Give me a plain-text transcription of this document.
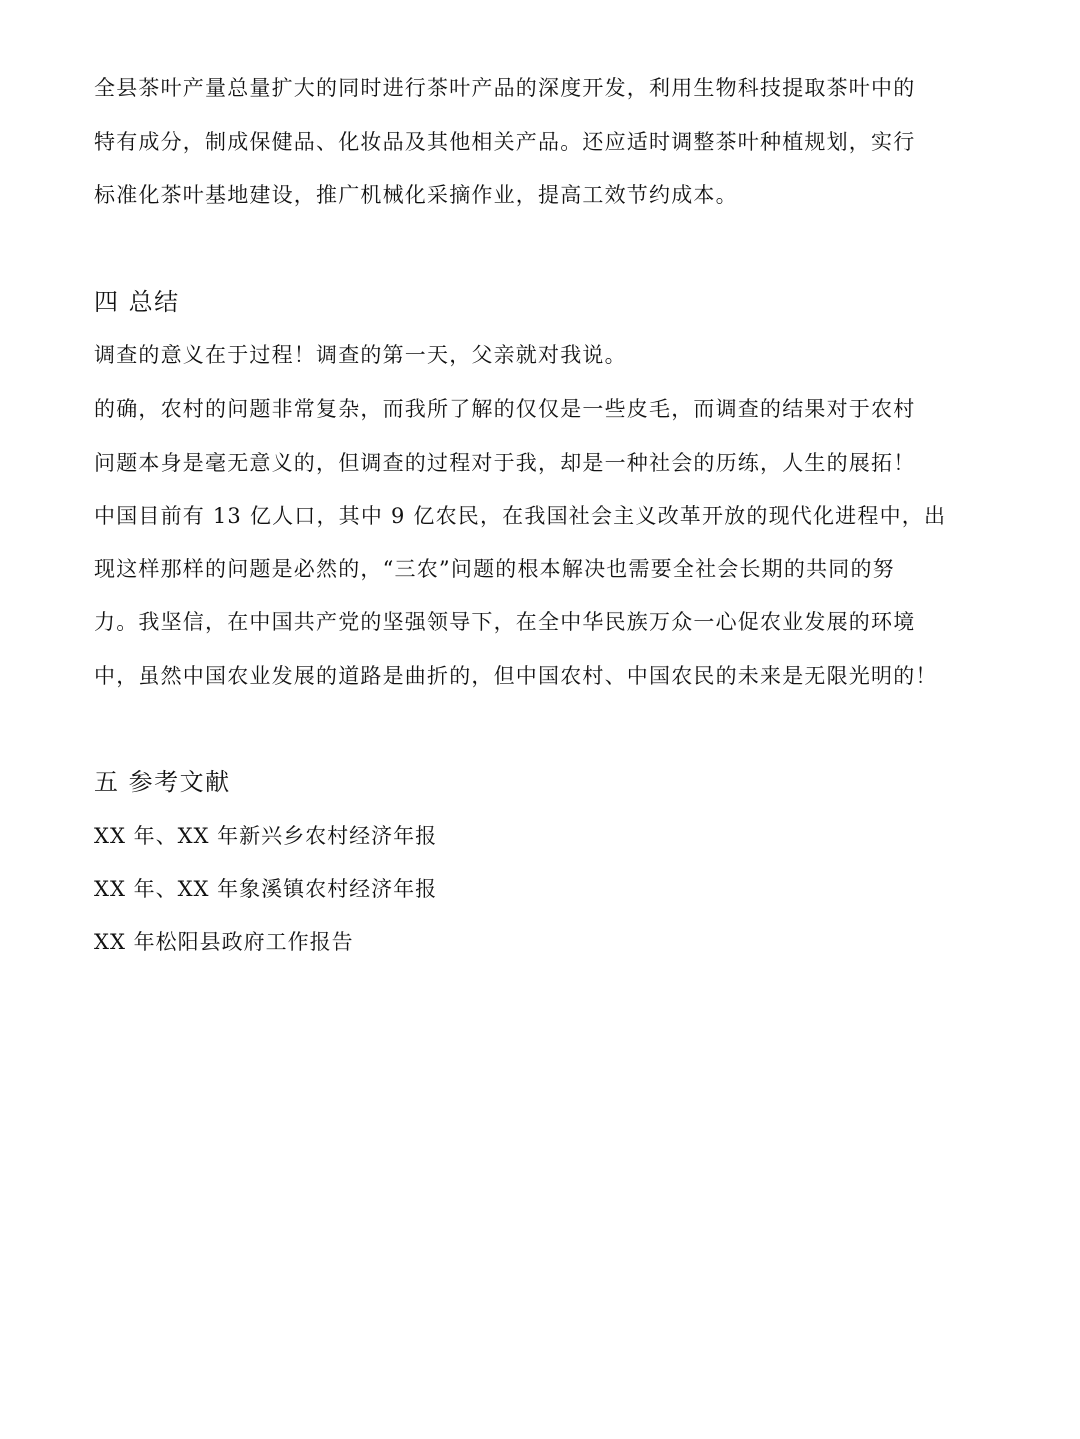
全县茶叶产量总量扩大的同时进行茶叶产品的深度开发，利用生物科技提取茶叶中的
特有成分，制成保健品、化妆品及其他相关产品。还应适时调整茶叶种植规划，实行
标准化茶叶基地建设，推广机械化采摘作业，提高工效节约成本。
四 总结
调查的意义在于过程！调查的第一天，父亲就对我说。
的确，农村的问题非常复杂，而我所了解的仅仅是一些皮毛，而调查的结果对于农村
问题本身是毫无意义的，但调查的过程对于我，却是一种社会的历练，人生的展拓！
中国目前有 13 亿人口，其中 9 亿农民，在我国社会主义改革开放的现代化进程中，出
现这样那样的问题是必然的，“三农”问题的根本解决也需要全社会长期的共同的努
力。我坚信，在中国共产党的坚强领导下，在全中华民族万众一心促农业发展的环境
中，虽然中国农业发展的道路是曲折的，但中国农村、中国农民的未来是无限光明的！
五 参考文献
XX 年、XX 年新兴乡农村经济年报
XX 年、XX 年象溪镇农村经济年报
XX 年松阳县政府工作报告
